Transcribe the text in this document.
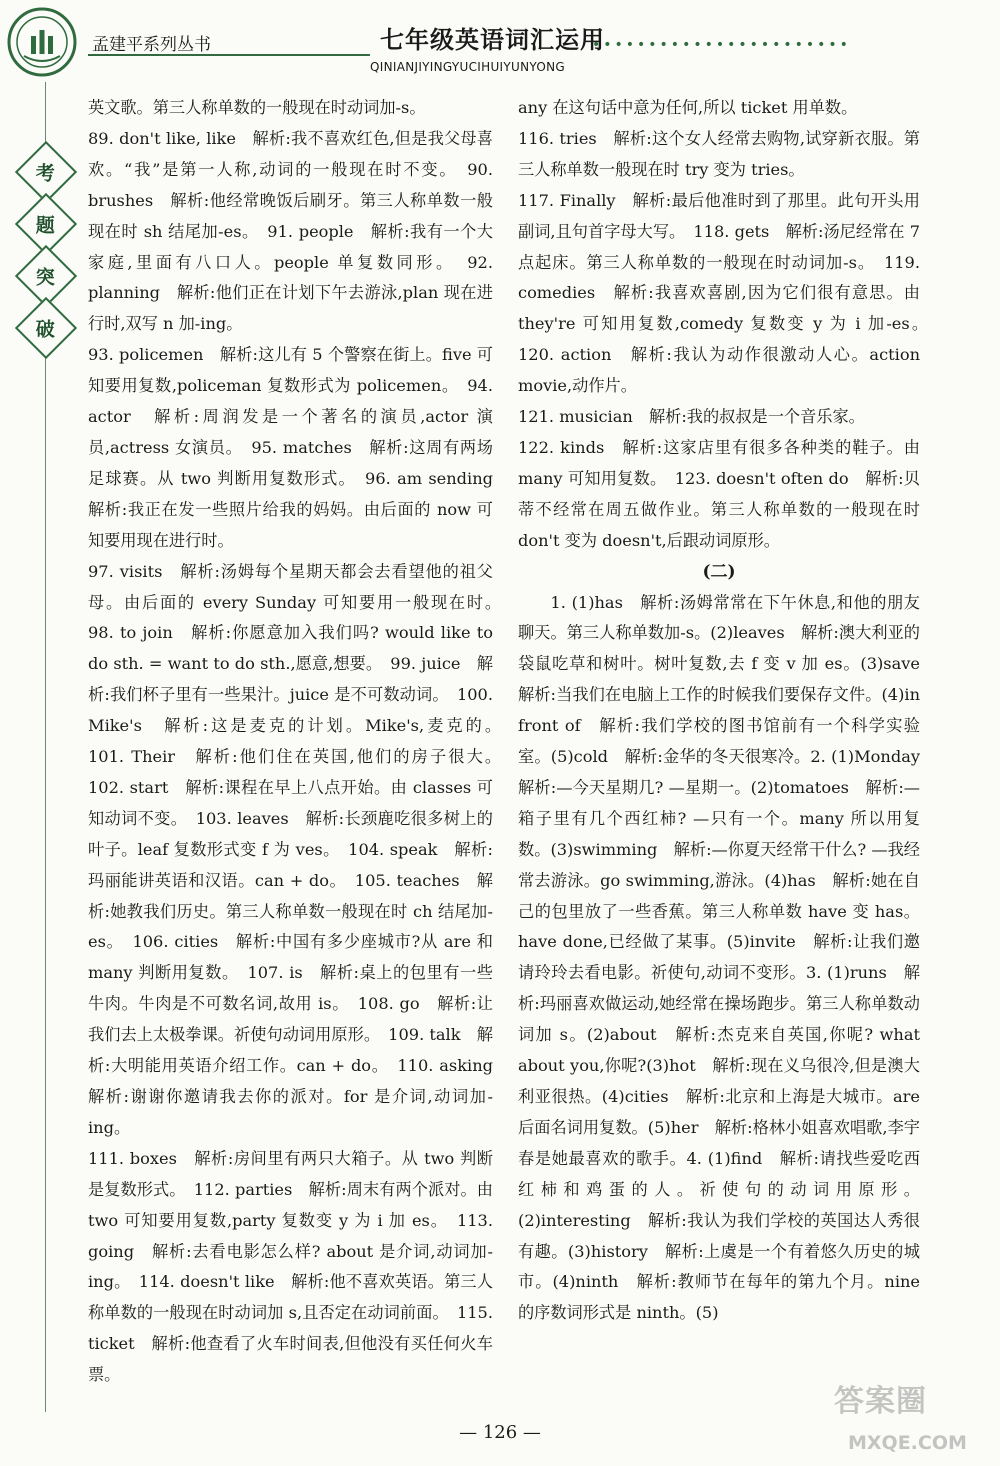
孟建平系列丛书	七年级英语词汇运用
•••••••••••••••••••••••
QINIANJIYINGYUCIHUIYUNYONG
考
题
突
破

英文歌。第三人称单数的一般现在时动词加-s。

89. don't like, like　解析:我不喜欢红色,但是我父母喜欢。“我”是第一人称,动词的一般现在时不变。　90. brushes　解析:他经常晚饭后刷牙。第三人称单数一般现在时 sh 结尾加-es。　91. people　解析:我有一个大家庭,里面有八口人。people 单复数同形。　92. planning　解析:他们正在计划下午去游泳,plan 现在进行时,双写 n 加-ing。

93. policemen　解析:这儿有 5 个警察在街上。five 可知要用复数,policeman 复数形式为 policemen。　94. actor　解析:周润发是一个著名的演员,actor 演员,actress 女演员。　95. matches　解析:这周有两场足球赛。从 two 判断用复数形式。　96. am sending　解析:我正在发一些照片给我的妈妈。由后面的 now 可知要用现在进行时。

97. visits　解析:汤姆每个星期天都会去看望他的祖父母。由后面的 every Sunday 可知要用一般现在时。　98. to join　解析:你愿意加入我们吗? would like to do sth. = want to do sth.,愿意,想要。　99. juice　解析:我们杯子里有一些果汁。juice 是不可数动词。　100. Mike's　解析:这是麦克的计划。Mike's,麦克的。　101. Their　解析:他们住在英国,他们的房子很大。　102. start　解析:课程在早上八点开始。由 classes 可知动词不变。　103. leaves　解析:长颈鹿吃很多树上的叶子。leaf 复数形式变 f 为 ves。　104. speak　解析:玛丽能讲英语和汉语。can + do。　105. teaches　解析:她教我们历史。第三人称单数一般现在时 ch 结尾加-es。　106. cities　解析:中国有多少座城市?从 are 和 many 判断用复数。　107. is　解析:桌上的包里有一些牛肉。牛肉是不可数名词,故用 is。　108. go　解析:让我们去上太极拳课。祈使句动词用原形。　109. talk　解析:大明能用英语介绍工作。can + do。　110. asking　解析:谢谢你邀请我去你的派对。for 是介词,动词加-ing。

111. boxes　解析:房间里有两只大箱子。从 two 判断是复数形式。　112. parties　解析:周末有两个派对。由 two 可知要用复数,party 复数变 y 为 i 加 es。　113. going　解析:去看电影怎么样? about 是介词,动词加-ing。　114. doesn't like　解析:他不喜欢英语。第三人称单数的一般现在时动词加 s,且否定在动词前面。　115. ticket　解析:他查看了火车时间表,但他没有买任何火车票。

any 在这句话中意为任何,所以 ticket 用单数。

116. tries　解析:这个女人经常去购物,试穿新衣服。第三人称单数一般现在时 try 变为 tries。

117. Finally　解析:最后他准时到了那里。此句开头用副词,且句首字母大写。　118. gets　解析:汤尼经常在 7 点起床。第三人称单数的一般现在时动词加-s。　119. comedies　解析:我喜欢喜剧,因为它们很有意思。由 they're 可知用复数,comedy 复数变 y 为 i 加-es。　120. action　解析:我认为动作很激动人心。action movie,动作片。

121. musician　解析:我的叔叔是一个音乐家。

122. kinds　解析:这家店里有很多各种类的鞋子。由 many 可知用复数。　123. doesn't often do　解析:贝蒂不经常在周五做作业。第三人称单数的一般现在时 don't 变为 doesn't,后跟动词原形。

(二)

1. (1)has　解析:汤姆常常在下午休息,和他的朋友聊天。第三人称单数加-s。(2)leaves　解析:澳大利亚的袋鼠吃草和树叶。树叶复数,去 f 变 v 加 es。(3)save　解析:当我们在电脑上工作的时候我们要保存文件。(4)in front of　解析:我们学校的图书馆前有一个科学实验室。(5)cold　解析:金华的冬天很寒冷。2. (1)Monday　解析:—今天星期几? —星期一。(2)tomatoes　解析:—箱子里有几个西红柿? —只有一个。many 所以用复数。(3)swimming　解析:—你夏天经常干什么? —我经常去游泳。go swimming,游泳。(4)has　解析:她在自己的包里放了一些香蕉。第三人称单数 have 变 has。have done,已经做了某事。(5)invite　解析:让我们邀请玲玲去看电影。祈使句,动词不变形。3. (1)runs　解析:玛丽喜欢做运动,她经常在操场跑步。第三人称单数动词加 s。(2)about　解析:杰克来自英国,你呢? what about you,你呢?(3)hot　解析:现在义乌很冷,但是澳大利亚很热。(4)cities　解析:北京和上海是大城市。are 后面名词用复数。(5)her　解析:格林小姐喜欢唱歌,李宇春是她最喜欢的歌手。4. (1)find　解析:请找些爱吃西红柿和鸡蛋的人。祈使句的动词用原形。(2)interesting　解析:我认为我们学校的英国达人秀很有趣。(3)history　解析:上虞是一个有着悠久历史的城市。(4)ninth　解析:教师节在每年的第九个月。nine 的序数词形式是 ninth。(5)

— 126 —
答案圈
MXQE.COM
